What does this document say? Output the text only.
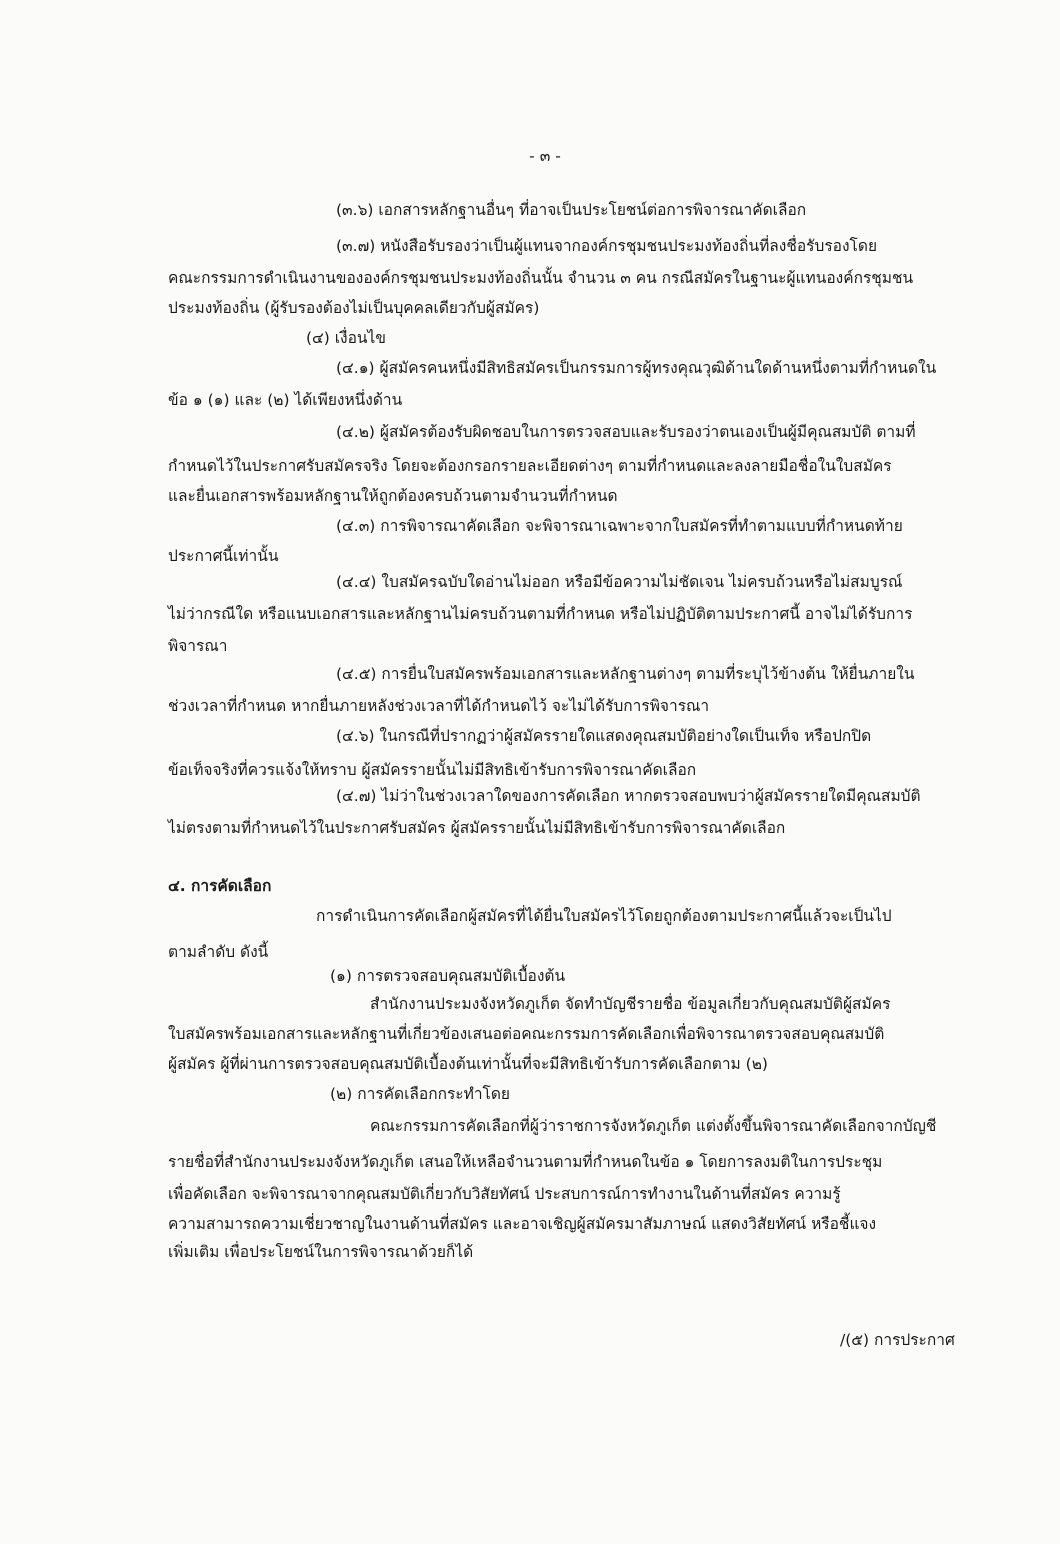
- ๓ -
(๓.๖) เอกสารหลักฐานอื่นๆ ที่อาจเป็นประโยชน์ต่อการพิจารณาคัดเลือก
(๓.๗) หนังสือรับรองว่าเป็นผู้แทนจากองค์กรชุมชนประมงท้องถิ่นที่ลงชื่อรับรองโดย
คณะกรรมการดำเนินงานขององค์กรชุมชนประมงท้องถิ่นนั้น จำนวน ๓ คน กรณีสมัครในฐานะผู้แทนองค์กรชุมชน
ประมงท้องถิ่น (ผู้รับรองต้องไม่เป็นบุคคลเดียวกับผู้สมัคร)
(๔) เงื่อนไข
(๔.๑) ผู้สมัครคนหนึ่งมีสิทธิสมัครเป็นกรรมการผู้ทรงคุณวุฒิด้านใดด้านหนึ่งตามที่กำหนดใน
ข้อ ๑ (๑) และ (๒) ได้เพียงหนึ่งด้าน
(๔.๒) ผู้สมัครต้องรับผิดชอบในการตรวจสอบและรับรองว่าตนเองเป็นผู้มีคุณสมบัติ ตามที่
กำหนดไว้ในประกาศรับสมัครจริง โดยจะต้องกรอกรายละเอียดต่างๆ ตามที่กำหนดและลงลายมือชื่อในใบสมัคร
และยื่นเอกสารพร้อมหลักฐานให้ถูกต้องครบถ้วนตามจำนวนที่กำหนด
(๔.๓) การพิจารณาคัดเลือก จะพิจารณาเฉพาะจากใบสมัครที่ทำตามแบบที่กำหนดท้าย
ประกาศนี้เท่านั้น
(๔.๔) ใบสมัครฉบับใดอ่านไม่ออก หรือมีข้อความไม่ชัดเจน ไม่ครบถ้วนหรือไม่สมบูรณ์
ไม่ว่ากรณีใด หรือแนบเอกสารและหลักฐานไม่ครบถ้วนตามที่กำหนด หรือไม่ปฏิบัติตามประกาศนี้ อาจไม่ได้รับการ
พิจารณา
(๔.๕) การยื่นใบสมัครพร้อมเอกสารและหลักฐานต่างๆ ตามที่ระบุไว้ข้างต้น ให้ยื่นภายใน
ช่วงเวลาที่กำหนด หากยื่นภายหลังช่วงเวลาที่ได้กำหนดไว้ จะไม่ได้รับการพิจารณา
(๔.๖) ในกรณีที่ปรากฏว่าผู้สมัครรายใดแสดงคุณสมบัติอย่างใดเป็นเท็จ หรือปกปิด
ข้อเท็จจริงที่ควรแจ้งให้ทราบ ผู้สมัครรายนั้นไม่มีสิทธิเข้ารับการพิจารณาคัดเลือก
(๔.๗) ไม่ว่าในช่วงเวลาใดของการคัดเลือก หากตรวจสอบพบว่าผู้สมัครรายใดมีคุณสมบัติ
ไม่ตรงตามที่กำหนดไว้ในประกาศรับสมัคร ผู้สมัครรายนั้นไม่มีสิทธิเข้ารับการพิจารณาคัดเลือก
๔. การคัดเลือก
การดำเนินการคัดเลือกผู้สมัครที่ได้ยื่นใบสมัครไว้โดยถูกต้องตามประกาศนี้แล้วจะเป็นไป
ตามลำดับ ดังนี้
(๑) การตรวจสอบคุณสมบัติเบื้องต้น
สำนักงานประมงจังหวัดภูเก็ต จัดทำบัญชีรายชื่อ ข้อมูลเกี่ยวกับคุณสมบัติผู้สมัคร
ใบสมัครพร้อมเอกสารและหลักฐานที่เกี่ยวข้องเสนอต่อคณะกรรมการคัดเลือกเพื่อพิจารณาตรวจสอบคุณสมบัติ
ผู้สมัคร ผู้ที่ผ่านการตรวจสอบคุณสมบัติเบื้องต้นเท่านั้นที่จะมีสิทธิเข้ารับการคัดเลือกตาม (๒)
(๒) การคัดเลือกกระทำโดย
คณะกรรมการคัดเลือกที่ผู้ว่าราชการจังหวัดภูเก็ต แต่งตั้งขึ้นพิจารณาคัดเลือกจากบัญชี
รายชื่อที่สำนักงานประมงจังหวัดภูเก็ต เสนอให้เหลือจำนวนตามที่กำหนดในข้อ ๑ โดยการลงมติในการประชุม
เพื่อคัดเลือก จะพิจารณาจากคุณสมบัติเกี่ยวกับวิสัยทัศน์ ประสบการณ์การทำงานในด้านที่สมัคร ความรู้
ความสามารถความเชี่ยวชาญในงานด้านที่สมัคร และอาจเชิญผู้สมัครมาสัมภาษณ์ แสดงวิสัยทัศน์ หรือชี้แจง
เพิ่มเติม เพื่อประโยชน์ในการพิจารณาด้วยก็ได้
/(๕) การประกาศ
